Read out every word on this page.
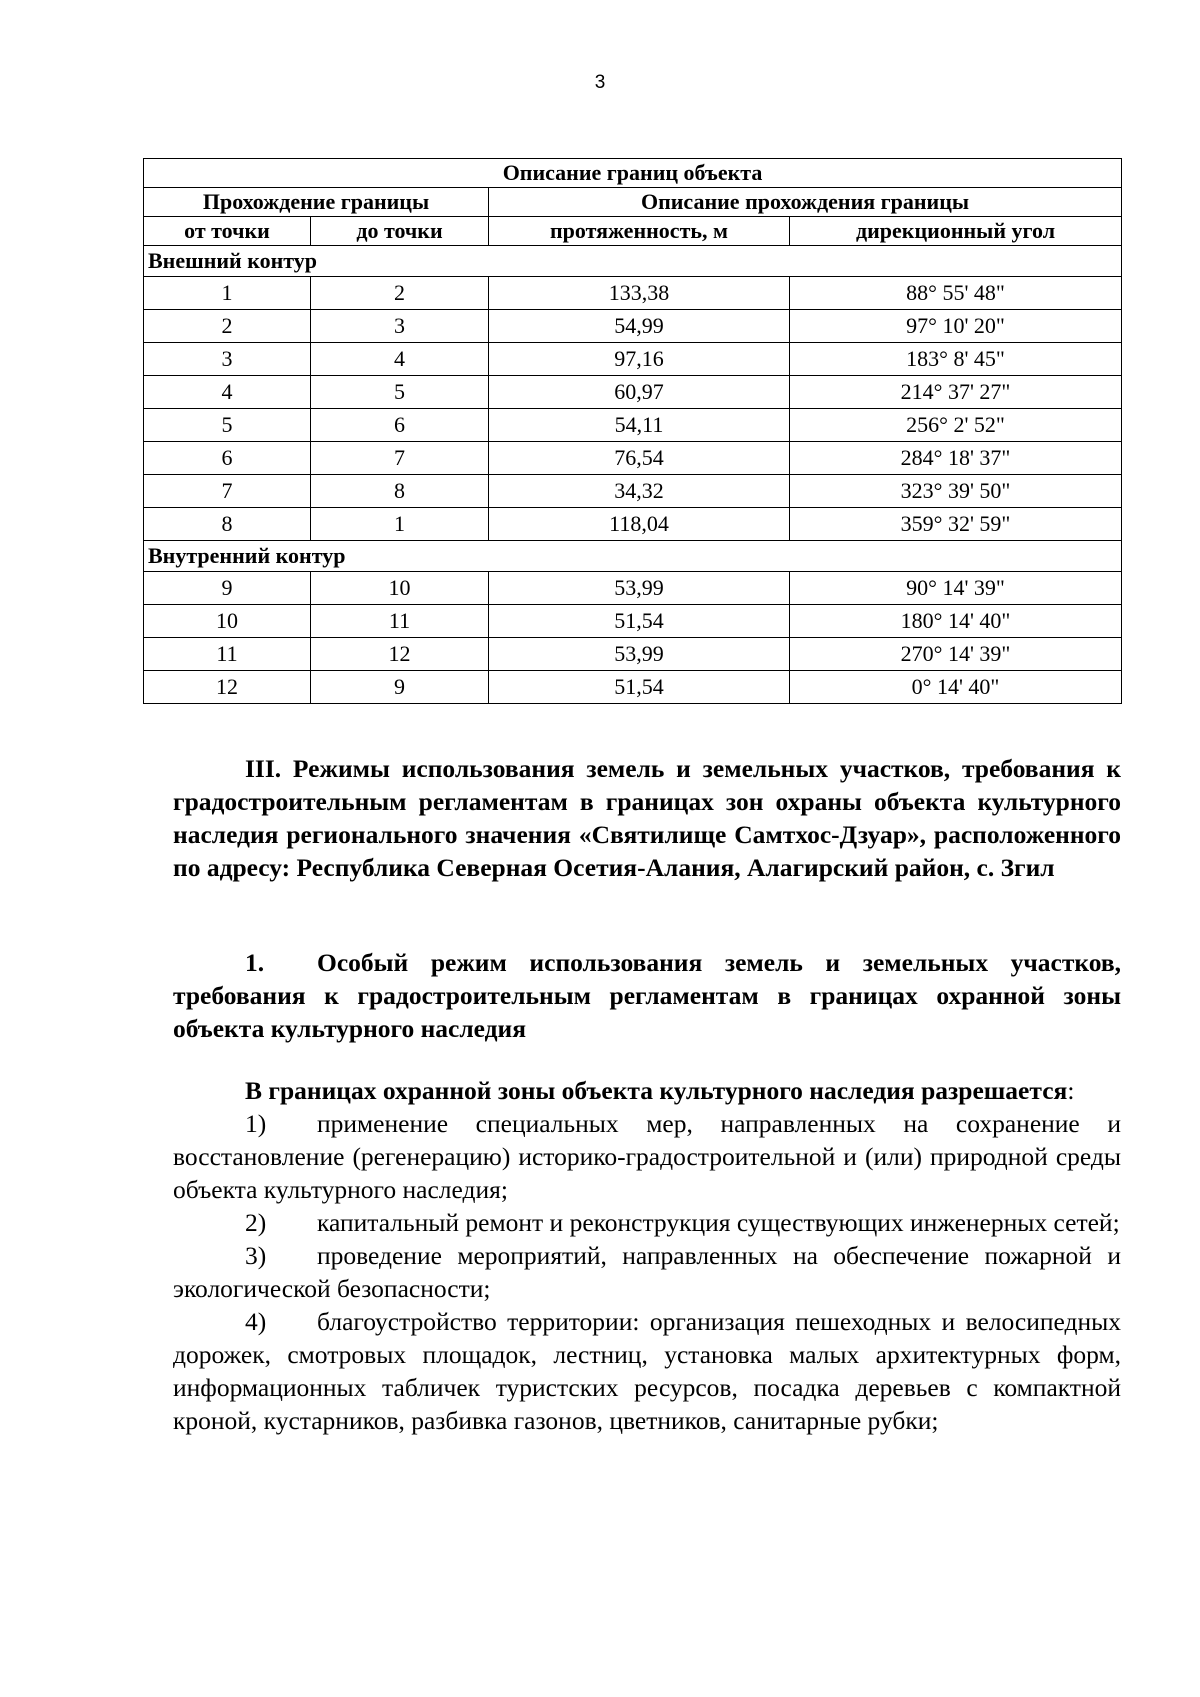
3
Описание границ объекта			
Прохождение границы		Описание прохождения границы	
от точки	до точки	протяженность, м	дирекционный угол
Внешний контур			
1	2	133,38	88° 55' 48"
2	3	54,99	97° 10' 20"
3	4	97,16	183° 8' 45"
4	5	60,97	214° 37' 27"
5	6	54,11	256° 2' 52"
6	7	76,54	284° 18' 37"
7	8	34,32	323° 39' 50"
8	1	118,04	359° 32' 59"
Внутренний контур			
9	10	53,99	90° 14' 39"
10	11	51,54	180° 14' 40"
11	12	53,99	270° 14' 39"
12	9	51,54	0° 14' 40"
III. Режимы использования земель и земельных участков, требования к градостроительным регламентам в границах зон охраны объекта культурного наследия регионального значения «Святилище Самтхос-Дзуар», расположенного по адресу: Республика Северная Осетия-Алания, Алагирский район, с. Згил
1. Особый режим использования земель и земельных участков, требования к градостроительным регламентам в границах охранной зоны объекта культурного наследия

В границах охранной зоны объекта культурного наследия разрешается:

1) применение специальных мер, направленных на сохранение и восстановление (регенерацию) историко-градостроительной и (или) природной среды объекта культурного наследия;
2) капитальный ремонт и реконструкция существующих инженерных сетей;
3) проведение мероприятий, направленных на обеспечение пожарной и экологической безопасности;
4) благоустройство территории: организация пешеходных и велосипедных дорожек, смотровых площадок, лестниц, установка малых архитектурных форм, информационных табличек туристских ресурсов, посадка деревьев с компактной кроной, кустарников, разбивка газонов, цветников, санитарные рубки;
